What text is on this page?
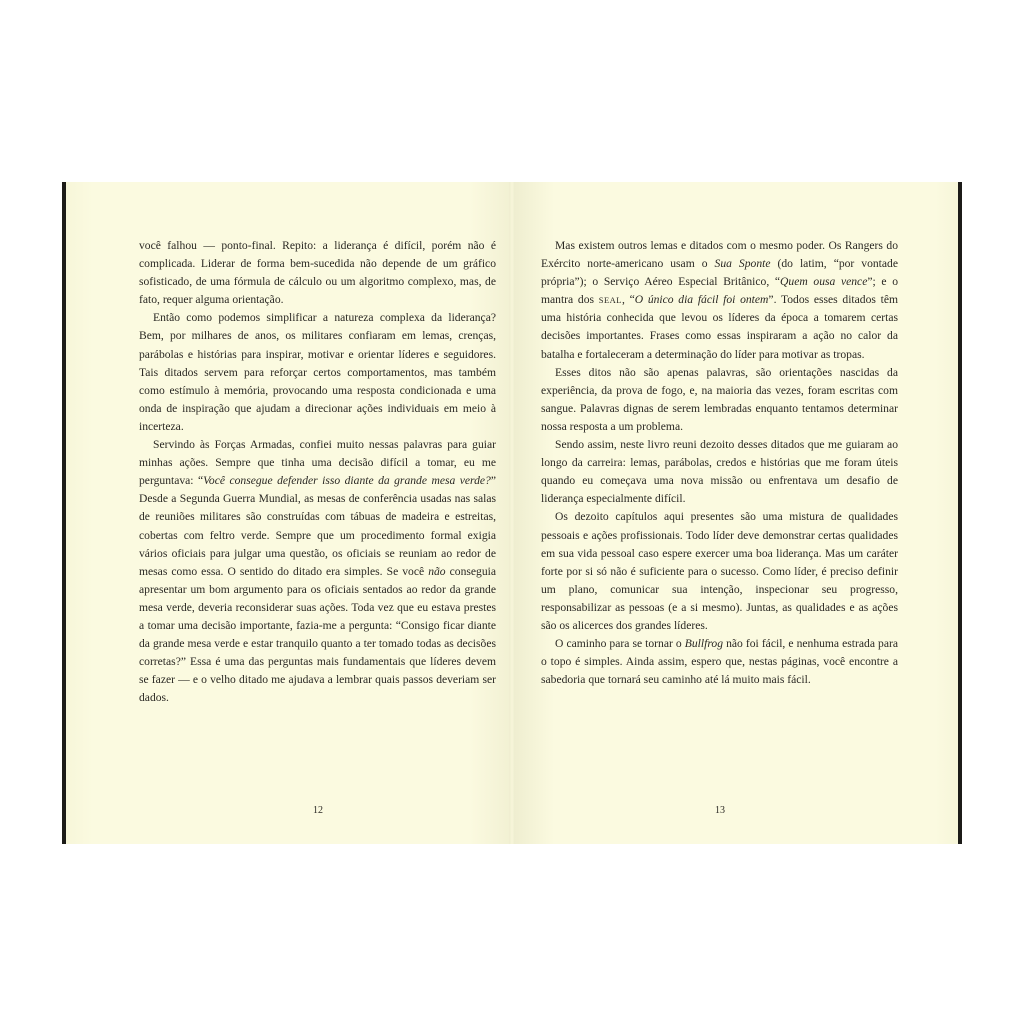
você falhou — ponto-final. Repito: a liderança é difícil, porém não é complicada. Liderar de forma bem-sucedida não depende de um gráfico sofisticado, de uma fórmula de cálculo ou um algoritmo complexo, mas, de fato, requer alguma orientação.

Então como podemos simplificar a natureza complexa da liderança? Bem, por milhares de anos, os militares confiaram em lemas, crenças, parábolas e histórias para inspirar, motivar e orientar líderes e seguidores. Tais ditados servem para reforçar certos comportamentos, mas também como estímulo à memória, provocando uma resposta condicionada e uma onda de inspiração que ajudam a direcionar ações individuais em meio à incerteza.

Servindo às Forças Armadas, confiei muito nessas palavras para guiar minhas ações. Sempre que tinha uma decisão difícil a tomar, eu me perguntava: “Você consegue defender isso diante da grande mesa verde?” Desde a Segunda Guerra Mundial, as mesas de conferência usadas nas salas de reuniões militares são construídas com tábuas de madeira e estreitas, cobertas com feltro verde. Sempre que um procedimento formal exigia vários oficiais para julgar uma questão, os oficiais se reuniam ao redor de mesas como essa. O sentido do ditado era simples. Se você não conseguia apresentar um bom argumento para os oficiais sentados ao redor da grande mesa verde, deveria reconsiderar suas ações. Toda vez que eu estava prestes a tomar uma decisão importante, fazia-me a pergunta: “Consigo ficar diante da grande mesa verde e estar tranquilo quanto a ter tomado todas as decisões corretas?” Essa é uma das perguntas mais fundamentais que líderes devem se fazer — e o velho ditado me ajudava a lembrar quais passos deveriam ser dados.

12

Mas existem outros lemas e ditados com o mesmo poder. Os Rangers do Exército norte-americano usam o Sua Sponte (do latim, “por vontade própria”); o Serviço Aéreo Especial Britânico, “Quem ousa vence”; e o mantra dos SEAL, “O único dia fácil foi ontem”. Todos esses ditados têm uma história conhecida que levou os líderes da época a tomarem certas decisões importantes. Frases como essas inspiraram a ação no calor da batalha e fortaleceram a determinação do líder para motivar as tropas.

Esses ditos não são apenas palavras, são orientações nascidas da experiência, da prova de fogo, e, na maioria das vezes, foram escritas com sangue. Palavras dignas de serem lembradas enquanto tentamos determinar nossa resposta a um problema.

Sendo assim, neste livro reuni dezoito desses ditados que me guiaram ao longo da carreira: lemas, parábolas, credos e histórias que me foram úteis quando eu começava uma nova missão ou enfrentava um desafio de liderança especialmente difícil.

Os dezoito capítulos aqui presentes são uma mistura de qualidades pessoais e ações profissionais. Todo líder deve demonstrar certas qualidades em sua vida pessoal caso espere exercer uma boa liderança. Mas um caráter forte por si só não é suficiente para o sucesso. Como líder, é preciso definir um plano, comunicar sua intenção, inspecionar seu progresso, responsabilizar as pessoas (e a si mesmo). Juntas, as qualidades e as ações são os alicerces dos grandes líderes.

O caminho para se tornar o Bullfrog não foi fácil, e nenhuma estrada para o topo é simples. Ainda assim, espero que, nestas páginas, você encontre a sabedoria que tornará seu caminho até lá muito mais fácil.

13
